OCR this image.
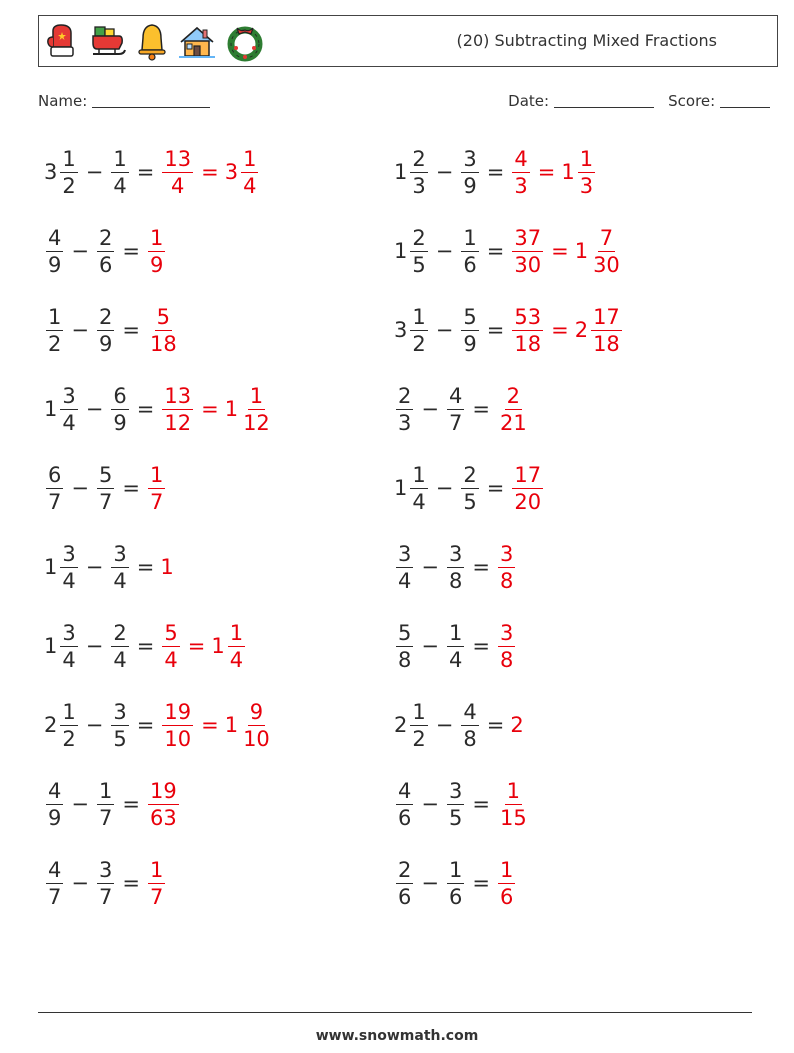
(20) Subtracting Mixed Fractions
Name:	Date:	Score:
$3 \frac{1}{2} - \frac{1}{4} = \frac{13}{4} = 3 \frac{1}{4}$	$1 \frac{2}{3} - \frac{3}{9} = \frac{4}{3} = 1 \frac{1}{3}$
$\frac{4}{9} - \frac{2}{6} = \frac{1}{9}$	$1 \frac{2}{5} - \frac{1}{6} = \frac{37}{30} = 1 \frac{7}{30}$
$\frac{1}{2} - \frac{2}{9} = \frac{5}{18}$	$3 \frac{1}{2} - \frac{5}{9} = \frac{53}{18} = 2 \frac{17}{18}$
$1 \frac{3}{4} - \frac{6}{9} = \frac{13}{12} = 1 \frac{1}{12}$	$\frac{2}{3} - \frac{4}{7} = \frac{2}{21}$
$\frac{6}{7} - \frac{5}{7} = \frac{1}{7}$	$1 \frac{1}{4} - \frac{2}{5} = \frac{17}{20}$
$1 \frac{3}{4} - \frac{3}{4} = 1$	$\frac{3}{4} - \frac{3}{8} = \frac{3}{8}$
$1 \frac{3}{4} - \frac{2}{4} = \frac{5}{4} = 1 \frac{1}{4}$	$\frac{5}{8} - \frac{1}{4} = \frac{3}{8}$
$2 \frac{1}{2} - \frac{3}{5} = \frac{19}{10} = 1 \frac{9}{10}$	$2 \frac{1}{2} - \frac{4}{8} = 2$
$\frac{4}{9} - \frac{1}{7} = \frac{19}{63}$	$\frac{4}{6} - \frac{3}{5} = \frac{1}{15}$
$\frac{4}{7} - \frac{3}{7} = \frac{1}{7}$	$\frac{2}{6} - \frac{1}{6} = \frac{1}{6}$
www.snowmath.com
